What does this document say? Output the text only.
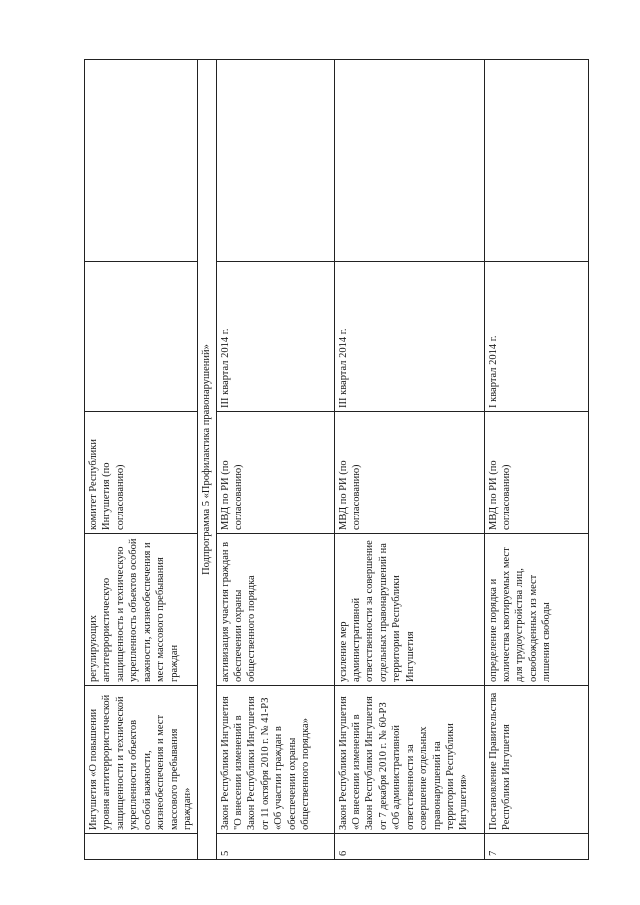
	Ингушетия «О повышении уровня антитеррористической защищенности и технической укрепленности объектов особой важности, жизнеобеспечения и мест массового пребывания граждан»	регулирующих антитеррористическую защищенность и техническую укрепленность объектов особой важности, жизнеобеспечения и мест массового пребывания граждан	комитет Республики Ингушетия (по согласованию)		
Подпрограмма 5 «Профилактика правонарушений»					
5	Закон Республики Ингушетия "О внесении изменений в Закон Республики Ингушетия от 11 октября 2010 г. № 41-РЗ «Об участии граждан в обеспечении охраны общественного порядка»	активизация участия граждан в обеспечении охраны общественного порядка	МВД по РИ (по согласованию)	III квартал 2014 г.	
6	Закон Республики Ингушетия «О внесении изменений в Закон Республики Ингушетия от 7 декабря 2010 г. № 60-РЗ «Об административной ответственности за совершение отдельных правонарушений на территории Республики Ингушетия»	усиление мер административной ответственности за совершение отдельных правонарушений на территории Республики Ингушетия	МВД по РИ (по согласованию)	III квартал 2014 г.	
7	Постановление Правительства Республики Ингушетия	определение порядка и количества квотируемых мест для трудоустройства лиц, освобожденных из мест лишения свободы	МВД по РИ (по согласованию)	I квартал 2014 г.	
